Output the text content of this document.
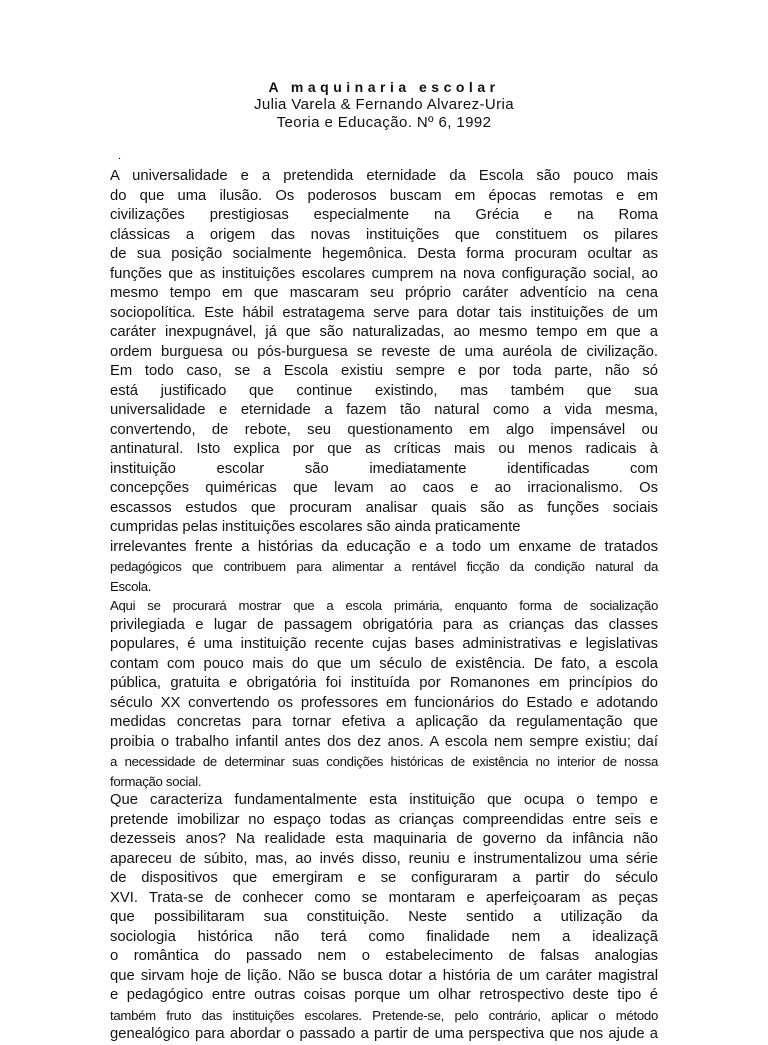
A maquinaria escolar

Julia Varela & Fernando Alvarez-Uria

Teoria e Educação. Nº 6, 1992

.
A universalidade e a pretendida eternidade da Escola são pouco mais
do que uma ilusão. Os poderosos buscam em épocas remotas e em
civilizações prestigiosas especialmente na Grécia e na Roma
clássicas a origem das novas instituições que constituem os pilares
de sua posição socialmente hegemônica. Desta forma procuram ocultar as
funções que as instituições escolares cumprem na nova configuração social, ao
mesmo tempo em que mascaram seu próprio caráter adventício na cena
sociopolítica. Este hábil estratagema serve para dotar tais instituições de um
caráter inexpugnável, já que são naturalizadas, ao mesmo tempo em que a
ordem burguesa ou pós-burguesa se reveste de uma auréola de civilização.
Em todo caso, se a Escola existiu sempre e por toda parte, não só
está justificado que continue existindo, mas também que sua
universalidade e eternidade a fazem tão natural como a vida mesma,
convertendo, de rebote, seu questionamento em algo impensável ou
antinatural. Isto explica por que as críticas mais ou menos radicais à
instituição escolar são imediatamente identificadas com
concepções quiméricas que levam ao caos e ao irracionalismo. Os
escassos estudos que procuram analisar quais são as funções sociais
cumpridas pelas instituições escolares são ainda praticamente
irrelevantes frente a histórias da educação e a todo um enxame de tratados
pedagógicos que contribuem para alimentar a rentável ficção da condição natural da
Escola.
Aqui se procurará mostrar que a escola primária, enquanto forma de socialização
privilegiada e lugar de passagem obrigatória para as crianças das classes
populares, é uma instituição recente cujas bases administrativas e legislativas
contam com pouco mais do que um século de existência. De fato, a escola
pública, gratuita e obrigatória foi instituída por Romanones em princípios do
século XX convertendo os professores em funcionários do Estado e adotando
medidas concretas para tornar efetiva a aplicação da regulamentação que
proibia o trabalho infantil antes dos dez anos. A escola nem sempre existiu; daí
a necessidade de determinar suas condições históricas de existência no interior de nossa
formação social.
Que caracteriza fundamentalmente esta instituição que ocupa o tempo e
pretende imobilizar no espaço todas as crianças compreendidas entre seis e
dezesseis anos? Na realidade esta maquinaria de governo da infância não
apareceu de súbito, mas, ao invés disso, reuniu e instrumentalizou uma série
de dispositivos que emergiram e se configuraram a partir do século
XVI. Trata-se de conhecer como se montaram e aperfeiçoaram as peças
que possibilitaram sua constituição. Neste sentido a utilização da
sociologia histórica não terá como finalidade nem a idealizaçã
o romântica do passado nem o estabelecimento de falsas analogias
que sirvam hoje de lição. Não se busca dotar a história de um caráter magistral
e pedagógico entre outras coisas porque um olhar retrospectivo deste tipo é
também fruto das instituições escolares. Pretende-se, pelo contrário, aplicar o método
genealógico para abordar o passado a partir de uma perspectiva que nos ajude a
